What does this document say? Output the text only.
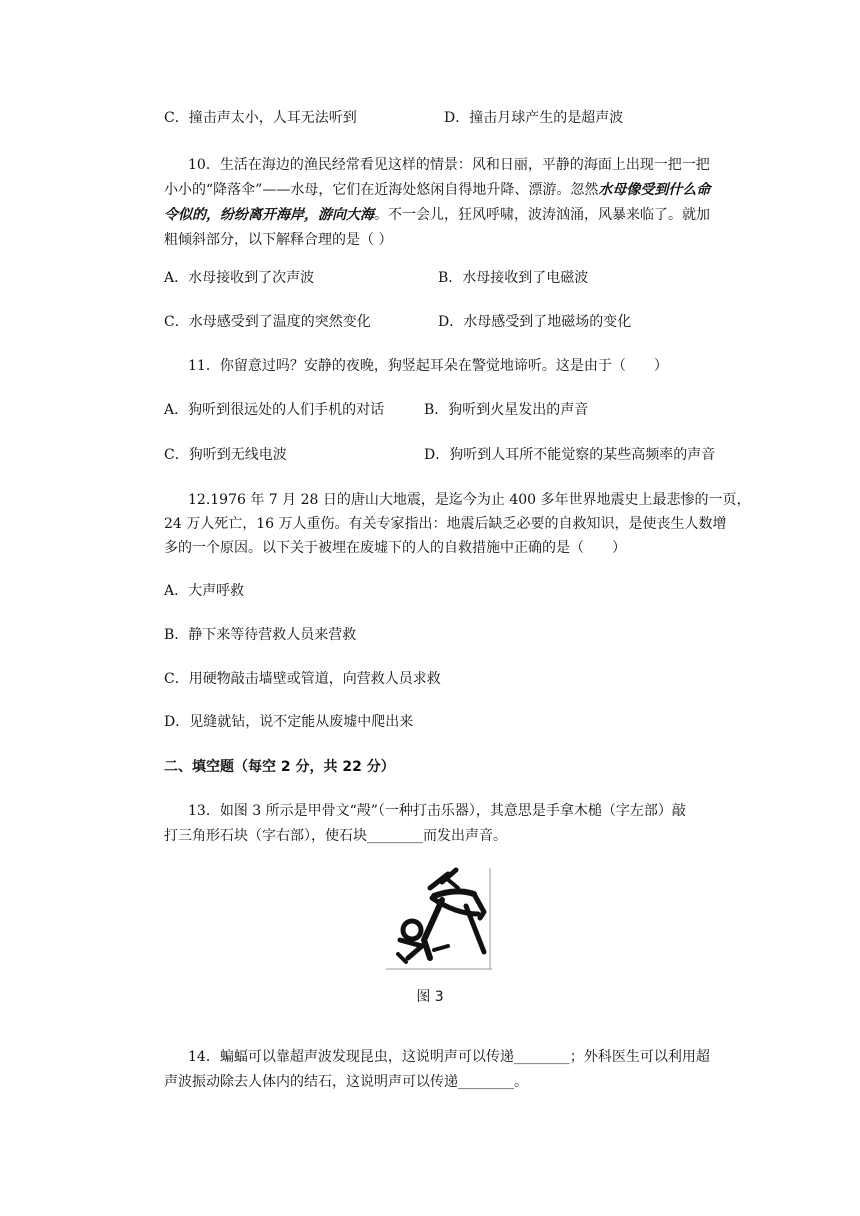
C．撞击声太小，人耳无法听到	D．撞击月球产生的是超声波
10．生活在海边的渔民经常看见这样的情景：风和日丽，平静的海面上出现一把一把
小小的“降落伞”——水母，它们在近海处悠闲自得地升降、漂游。忽然水母像受到什么命
令似的，纷纷离开海岸，游向大海。不一会儿，狂风呼啸，波涛汹涌，风暴来临了。就加
粗倾斜部分，以下解释合理的是（ ）
A．水母接收到了次声波	B．水母接收到了电磁波
C．水母感受到了温度的突然变化	D．水母感受到了地磁场的变化
11．你留意过吗？安静的夜晚，狗竖起耳朵在警觉地谛听。这是由于（　　）
A．狗听到很远处的人们手机的对话	B．狗听到火星发出的声音
C．狗听到无线电波	D．狗听到人耳所不能觉察的某些高频率的声音
12.1976 年 7 月 28 日的唐山大地震，是迄今为止 400 多年世界地震史上最悲惨的一页，
24 万人死亡，16 万人重伤。有关专家指出：地震后缺乏必要的自救知识，是使丧生人数增
多的一个原因。以下关于被埋在废墟下的人的自救措施中正确的是（　　）
A．大声呼救
B．静下来等待营救人员来营救
C．用硬物敲击墙壁或管道，向营救人员求救
D．见缝就钻，说不定能从废墟中爬出来
二、填空题（每空 2 分，共 22 分）
13．如图 3 所示是甲骨文“殸”（一种打击乐器），其意思是手拿木槌（字左部）敲
打三角形石块（字右部），使石块________而发出声音。
图 3
14．蝙蝠可以靠超声波发现昆虫，这说明声可以传递________；外科医生可以利用超
声波振动除去人体内的结石，这说明声可以传递________。
